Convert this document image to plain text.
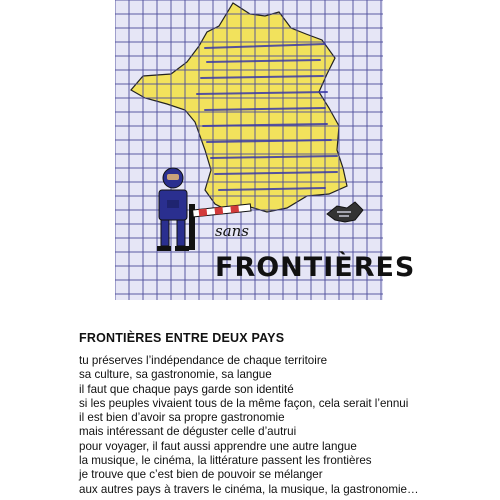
sans
FRONTIÈRES
FRONTIÈRES ENTRE DEUX PAYS
tu préserves l’indépendance de chaque territoire
sa culture, sa gastronomie, sa langue
il faut que chaque pays garde son identité
si les peuples vivaient tous de la même façon, cela serait l’ennui
il est bien d’avoir sa propre gastronomie
mais intéressant de déguster celle d’autrui
pour voyager, il faut aussi apprendre une autre langue
la musique, le cinéma, la littérature passent les frontières
je trouve que c’est bien de pouvoir se mélanger
aux autres pays à travers le cinéma, la musique, la gastronomie…
